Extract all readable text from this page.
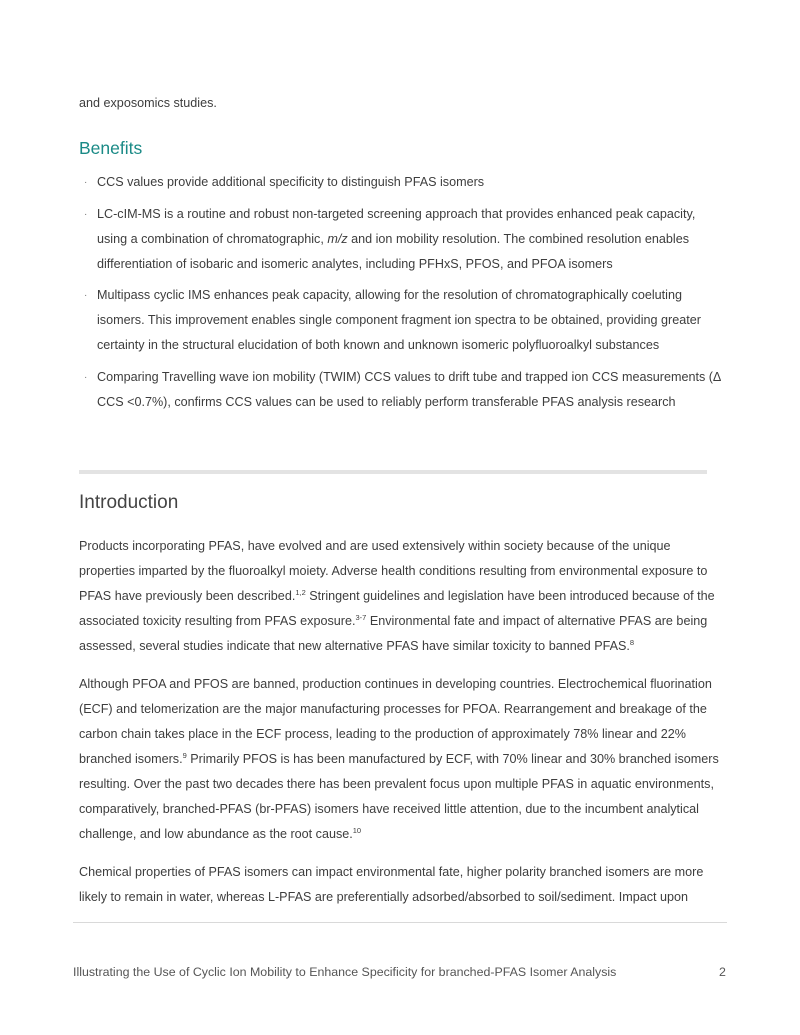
and exposomics studies.

Benefits
· CCS values provide additional specificity to distinguish PFAS isomers
· LC-cIM-MS is a routine and robust non-targeted screening approach that provides enhanced peak capacity, using a combination of chromatographic, m/z and ion mobility resolution. The combined resolution enables differentiation of isobaric and isomeric analytes, including PFHxS, PFOS, and PFOA isomers
· Multipass cyclic IMS enhances peak capacity, allowing for the resolution of chromatographically coeluting isomers. This improvement enables single component fragment ion spectra to be obtained, providing greater certainty in the structural elucidation of both known and unknown isomeric polyfluoroalkyl substances
· Comparing Travelling wave ion mobility (TWIM) CCS values to drift tube and trapped ion CCS measurements (Δ CCS <0.7%), confirms CCS values can be used to reliably perform transferable PFAS analysis research
Introduction

Products incorporating PFAS, have evolved and are used extensively within society because of the unique properties imparted by the fluoroalkyl moiety. Adverse health conditions resulting from environmental exposure to PFAS have previously been described.$^{1,2}$ Stringent guidelines and legislation have been introduced because of the associated toxicity resulting from PFAS exposure.$^{3-7}$ Environmental fate and impact of alternative PFAS are being assessed, several studies indicate that new alternative PFAS have similar toxicity to banned PFAS.$^8$

Although PFOA and PFOS are banned, production continues in developing countries. Electrochemical fluorination (ECF) and telomerization are the major manufacturing processes for PFOA. Rearrangement and breakage of the carbon chain takes place in the ECF process, leading to the production of approximately 78% linear and 22% branched isomers.$^9$ Primarily PFOS is has been manufactured by ECF, with 70% linear and 30% branched isomers resulting. Over the past two decades there has been prevalent focus upon multiple PFAS in aquatic environments, comparatively, branched-PFAS (br-PFAS) isomers have received little attention, due to the incumbent analytical challenge, and low abundance as the root cause.$^{10}$

Chemical properties of PFAS isomers can impact environmental fate, higher polarity branched isomers are more likely to remain in water, whereas L-PFAS are preferentially adsorbed/absorbed to soil/sediment. Impact upon

Illustrating the Use of Cyclic Ion Mobility to Enhance Specificity for branched-PFAS Isomer Analysis	2
